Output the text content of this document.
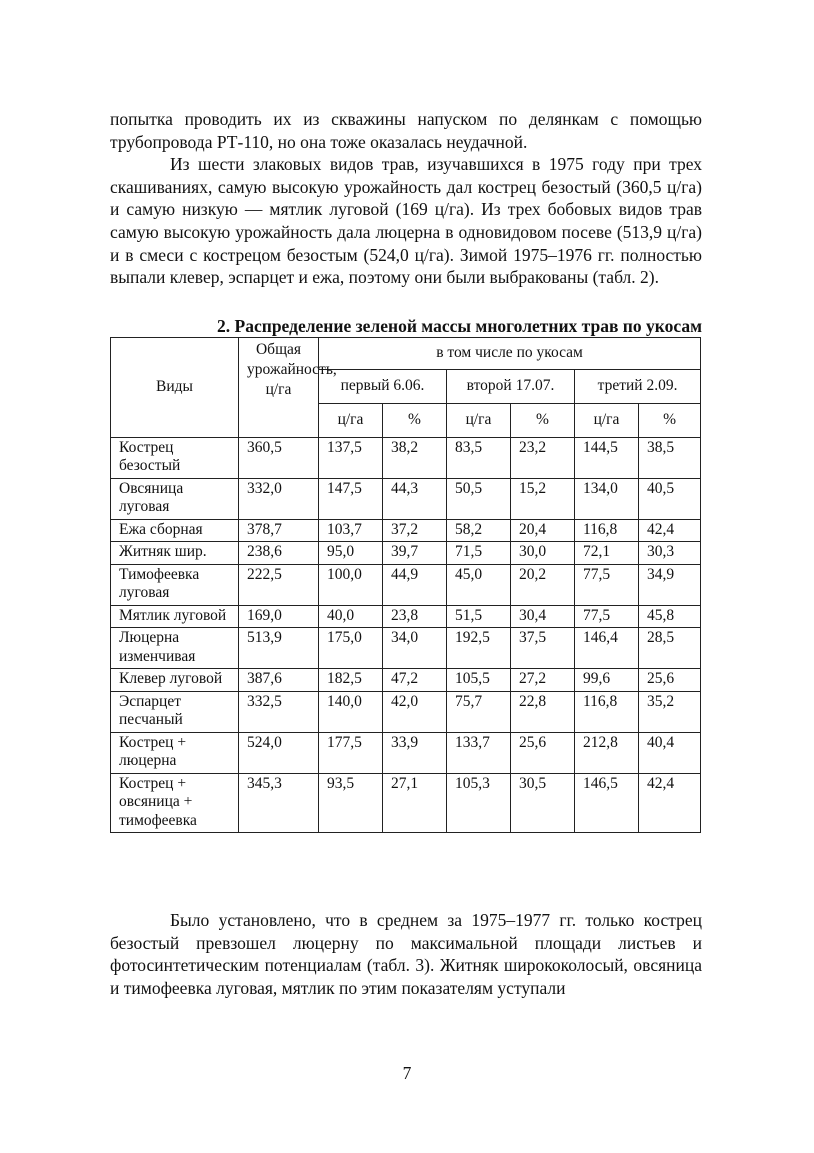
попытка проводить их из скважины напуском по делянкам с помощью трубопровода РТ-110, но она тоже оказалась неудачной.

Из шести злаковых видов трав, изучавшихся в 1975 году при трех скашиваниях, самую высокую урожайность дал кострец безостый (360,5 ц/га) и самую низкую — мятлик луговой (169 ц/га). Из трех бобовых видов трав самую высокую урожайность дала люцерна в одновидовом посеве (513,9 ц/га) и в смеси с кострецом безостым (524,0 ц/га). Зимой 1975–1976 гг. полностью выпали клевер, эспарцет и ежа, поэтому они были выбракованы (табл. 2).

2. Распределение зеленой массы многолетних трав по укосам
Виды	Общая урожайность, ц/га	в том числе по укосам					
		первый 6.06.		второй 17.07.		третий 2.09.	
		ц/га	%	ц/га	%	ц/га	%
Кострец безостый	360,5	137,5	38,2	83,5	23,2	144,5	38,5
Овсяница луговая	332,0	147,5	44,3	50,5	15,2	134,0	40,5
Ежа сборная	378,7	103,7	37,2	58,2	20,4	116,8	42,4
Житняк шир.	238,6	95,0	39,7	71,5	30,0	72,1	30,3
Тимофеевка луговая	222,5	100,0	44,9	45,0	20,2	77,5	34,9
Мятлик луговой	169,0	40,0	23,8	51,5	30,4	77,5	45,8
Люцерна изменчивая	513,9	175,0	34,0	192,5	37,5	146,4	28,5
Клевер луговой	387,6	182,5	47,2	105,5	27,2	99,6	25,6
Эспарцет песчаный	332,5	140,0	42,0	75,7	22,8	116,8	35,2
Кострец + люцерна	524,0	177,5	33,9	133,7	25,6	212,8	40,4
Кострец + овсяница + тимофеевка	345,3	93,5	27,1	105,3	30,5	146,5	42,4

Было установлено, что в среднем за 1975–1977 гг. только кострец безостый превзошел люцерну по максимальной площади листьев и фотосинтетическим потенциалам (табл. 3). Житняк ширококолосый, овсяница и тимофеевка луговая, мятлик по этим показателям уступали

7
